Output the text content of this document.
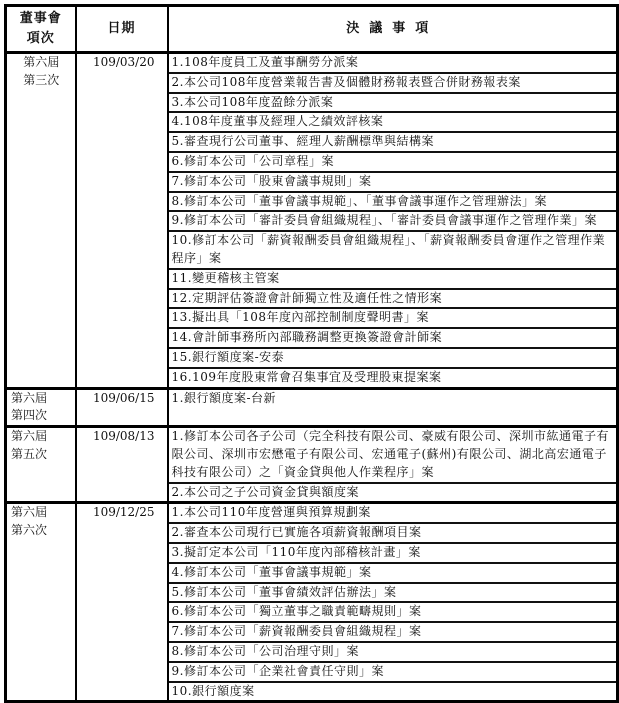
董事會
項次	日期	決議事項
第六屆
第三次	109/03/20	1.108年度員工及董事酬勞分派案
		2.本公司108年度營業報告書及個體財務報表暨合併財務報表案
		3.本公司108年度盈餘分派案
		4.108年度董事及經理人之績效評核案
		5.審查現行公司董事、經理人薪酬標準與結構案
		6.修訂本公司「公司章程」案
		7.修訂本公司「股東會議事規則」案
		8.修訂本公司「董事會議事規範」、「董事會議事運作之管理辦法」案
		9.修訂本公司「審計委員會組織規程」、「審計委員會議事運作之管理作業」案
		10.修訂本公司「薪資報酬委員會組織規程」、「薪資報酬委員會運作之管理作業程序」案
		11.變更稽核主管案
		12.定期評估簽證會計師獨立性及適任性之情形案
		13.擬出具「108年度內部控制制度聲明書」案
		14.會計師事務所內部職務調整更換簽證會計師案
		15.銀行額度案-安泰
		16.109年度股東常會召集事宜及受理股東提案案
第六屆
第四次	109/06/15	1.銀行額度案-台新
第六屆
第五次	109/08/13	1.修訂本公司各子公司（完全科技有限公司、豪威有限公司、深圳市紘通電子有限公司、深圳市宏懋電子有限公司、宏通電子(蘇州)有限公司、湖北高宏通電子科技有限公司）之「資金貸與他人作業程序」案
		2.本公司之子公司資金貸與額度案
第六屆
第六次	109/12/25	1.本公司110年度營運與預算規劃案
		2.審查本公司現行已實施各項薪資報酬項目案
		3.擬訂定本公司「110年度內部稽核計畫」案
		4.修訂本公司「董事會議事規範」案
		5.修訂本公司「董事會績效評估辦法」案
		6.修訂本公司「獨立董事之職責範疇規則」案
		7.修訂本公司「薪資報酬委員會組織規程」案
		8.修訂本公司「公司治理守則」案
		9.修訂本公司「企業社會責任守則」案
		10.銀行額度案
